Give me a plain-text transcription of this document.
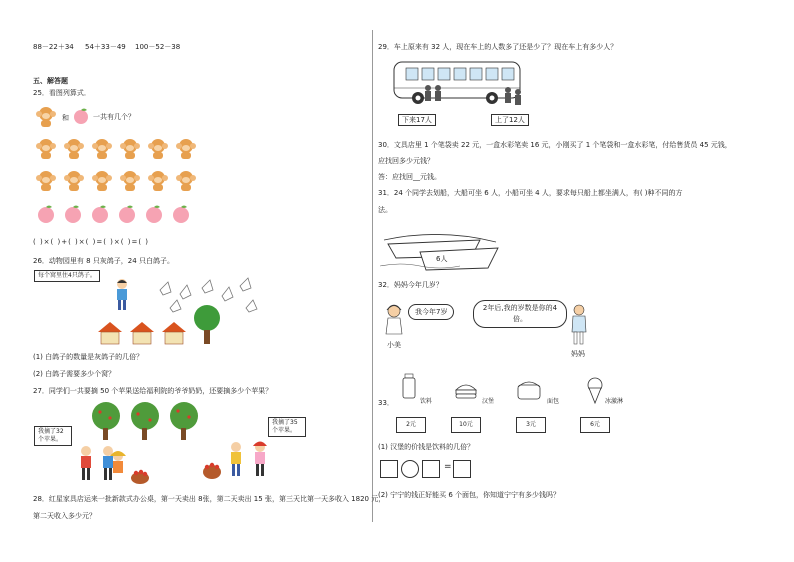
88－22＋34 54＋33－49 100－52－38
五、解答题
25．看图列算式．
和	一共有几个？
( )×( )+( )×( )=( )×( )=( )
26．动物园里有 8 只灰鸽子，24 只白鸽子。
每个窝里住4只鸽子。
(1) 白鸽子的数量是灰鸽子的几倍？
(2) 白鸽子需要多少个窝？
27．同学们一共要摘 50 个苹果送给福利院的爷爷奶奶，还要摘多少个苹果？
我摘了32个苹果。
我摘了35个苹果。
28．红星家具店运来一批新款式办公桌，第一天卖出 8张，第二天卖出 15 张，第三天比第一天多收入 1820 元，
第二天收入多少元？
29．车上原来有 32 人，现在车上的人数多了还是少了？现在车上有多少人？
下来17人	上了12人
30．文具店里 1 个笔袋卖 22 元，一盒水彩笔卖 16 元，小刚买了 1 个笔袋和一盒水彩笔，付给售货员 45 元钱，
应找回多少元钱？
答：应找回__元钱。
31．24 个同学去划船，大船可坐 6 人，小船可坐 4 人，要求每只船上都坐满人，有( )种不同的方
法。
6人
32．妈妈今年几岁？
我今年7岁	2年后,我的岁数是你的4倍。
小美
妈妈
33．	饮料	汉堡	面包	冰激淋
2元	10元	3元	6元
(1) 汉堡的价钱是饮料的几倍？
=
(2) 宁宁的钱正好能买 6 个面包，你知道宁宁有多少钱吗？
